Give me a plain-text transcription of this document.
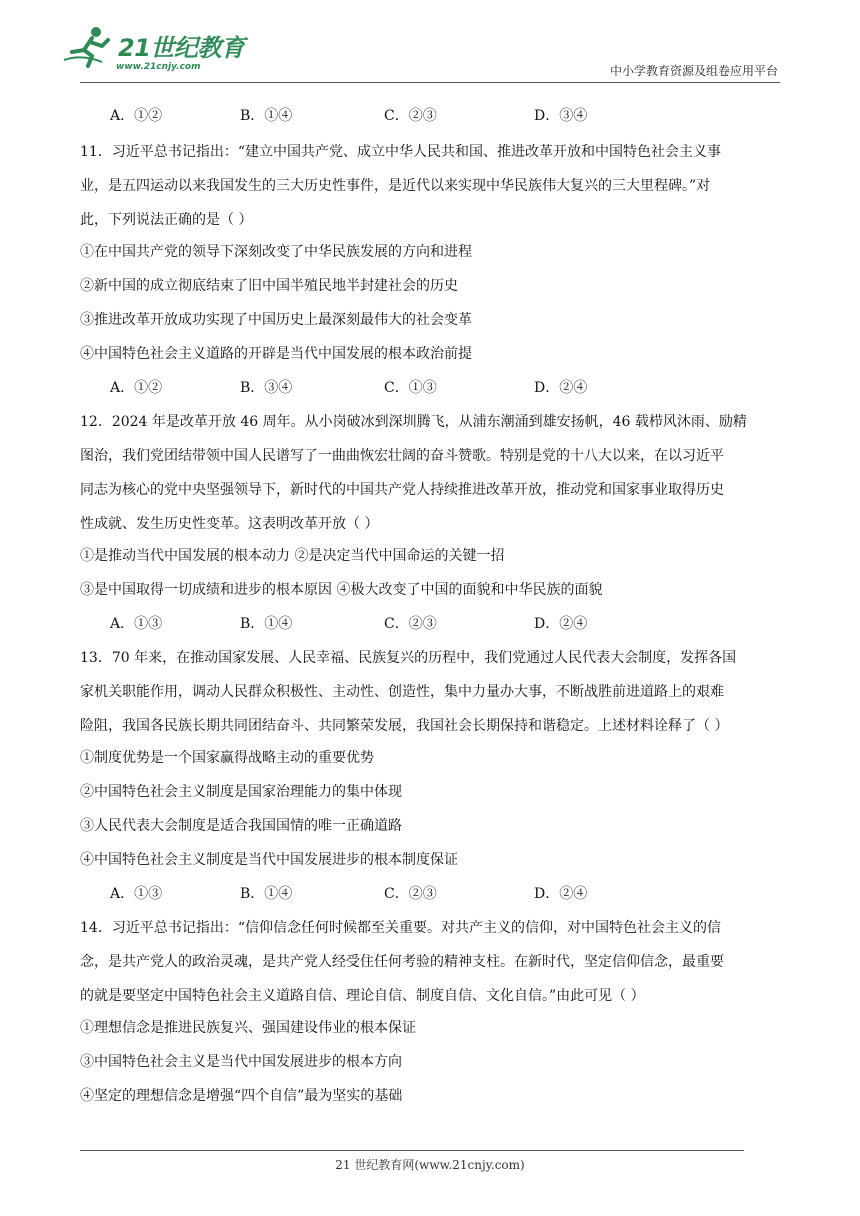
21世纪教育
www.21cnjy.com	中小学教育资源及组卷应用平台
A．①②	B．①④	C．②③	D．③④
11．习近平总书记指出：“建立中国共产党、成立中华人民共和国、推进改革开放和中国特色社会主义事
业，是五四运动以来我国发生的三大历史性事件，是近代以来实现中华民族伟大复兴的三大里程碑。”对
此，下列说法正确的是（ ）
①在中国共产党的领导下深刻改变了中华民族发展的方向和进程
②新中国的成立彻底结束了旧中国半殖民地半封建社会的历史
③推进改革开放成功实现了中国历史上最深刻最伟大的社会变革
④中国特色社会主义道路的开辟是当代中国发展的根本政治前提
A．①②	B．③④	C．①③	D．②④
12．2024 年是改革开放 46 周年。从小岗破冰到深圳腾飞，从浦东潮涌到雄安扬帆，46 载栉风沐雨、励精
图治，我们党团结带领中国人民谱写了一曲曲恢宏壮阔的奋斗赞歌。特别是党的十八大以来，在以习近平
同志为核心的党中央坚强领导下，新时代的中国共产党人持续推进改革开放，推动党和国家事业取得历史
性成就、发生历史性变革。这表明改革开放（ ）
①是推动当代中国发展的根本动力 ②是决定当代中国命运的关键一招
③是中国取得一切成绩和进步的根本原因 ④极大改变了中国的面貌和中华民族的面貌
A．①③	B．①④	C．②③	D．②④
13．70 年来，在推动国家发展、人民幸福、民族复兴的历程中，我们党通过人民代表大会制度，发挥各国
家机关职能作用，调动人民群众积极性、主动性、创造性，集中力量办大事，不断战胜前进道路上的艰难
险阻，我国各民族长期共同团结奋斗、共同繁荣发展，我国社会长期保持和谐稳定。上述材料诠释了（ ）
①制度优势是一个国家赢得战略主动的重要优势
②中国特色社会主义制度是国家治理能力的集中体现
③人民代表大会制度是适合我国国情的唯一正确道路
④中国特色社会主义制度是当代中国发展进步的根本制度保证
A．①③	B．①④	C．②③	D．②④
14．习近平总书记指出：“信仰信念任何时候都至关重要。对共产主义的信仰，对中国特色社会主义的信
念，是共产党人的政治灵魂，是共产党人经受住任何考验的精神支柱。在新时代，坚定信仰信念，最重要
的就是要坚定中国特色社会主义道路自信、理论自信、制度自信、文化自信。”由此可见（ ）
①理想信念是推进民族复兴、强国建设伟业的根本保证
③中国特色社会主义是当代中国发展进步的根本方向
④坚定的理想信念是增强“四个自信”最为坚实的基础
21 世纪教育网(www.21cnjy.com)
